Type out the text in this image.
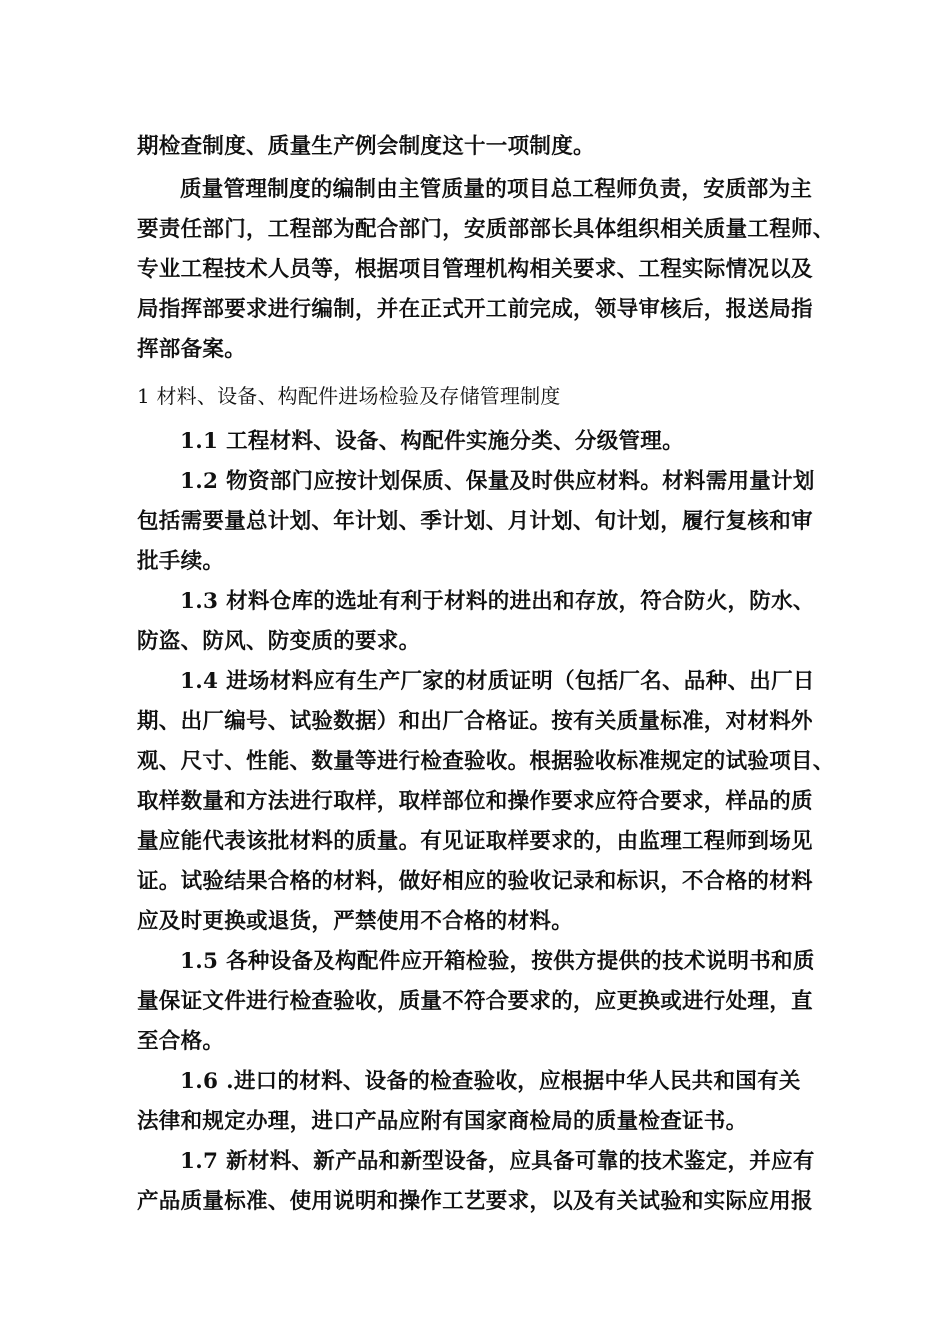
期检查制度、质量生产例会制度这十一项制度。
质量管理制度的编制由主管质量的项目总工程师负责，安质部为主
要责任部门，工程部为配合部门，安质部部长具体组织相关质量工程师、
专业工程技术人员等，根据项目管理机构相关要求、工程实际情况以及
局指挥部要求进行编制，并在正式开工前完成，领导审核后，报送局指
挥部备案。
1 材料、设备、构配件进场检验及存储管理制度
1.1 工程材料、设备、构配件实施分类、分级管理。
1.2 物资部门应按计划保质、保量及时供应材料。材料需用量计划
包括需要量总计划、年计划、季计划、月计划、旬计划，履行复核和审
批手续。
1.3 材料仓库的选址有利于材料的进出和存放，符合防火，防水、
防盗、防风、防变质的要求。
1.4 进场材料应有生产厂家的材质证明（包括厂名、品种、出厂日
期、出厂编号、试验数据）和出厂合格证。按有关质量标准，对材料外
观、尺寸、性能、数量等进行检查验收。根据验收标准规定的试验项目、
取样数量和方法进行取样，取样部位和操作要求应符合要求，样品的质
量应能代表该批材料的质量。有见证取样要求的，由监理工程师到场见
证。试验结果合格的材料，做好相应的验收记录和标识，不合格的材料
应及时更换或退货，严禁使用不合格的材料。
1.5 各种设备及构配件应开箱检验，按供方提供的技术说明书和质
量保证文件进行检查验收，质量不符合要求的，应更换或进行处理，直
至合格。
1.6 .进口的材料、设备的检查验收，应根据中华人民共和国有关
法律和规定办理，进口产品应附有国家商检局的质量检查证书。
1.7 新材料、新产品和新型设备，应具备可靠的技术鉴定，并应有
产品质量标准、使用说明和操作工艺要求，以及有关试验和实际应用报
